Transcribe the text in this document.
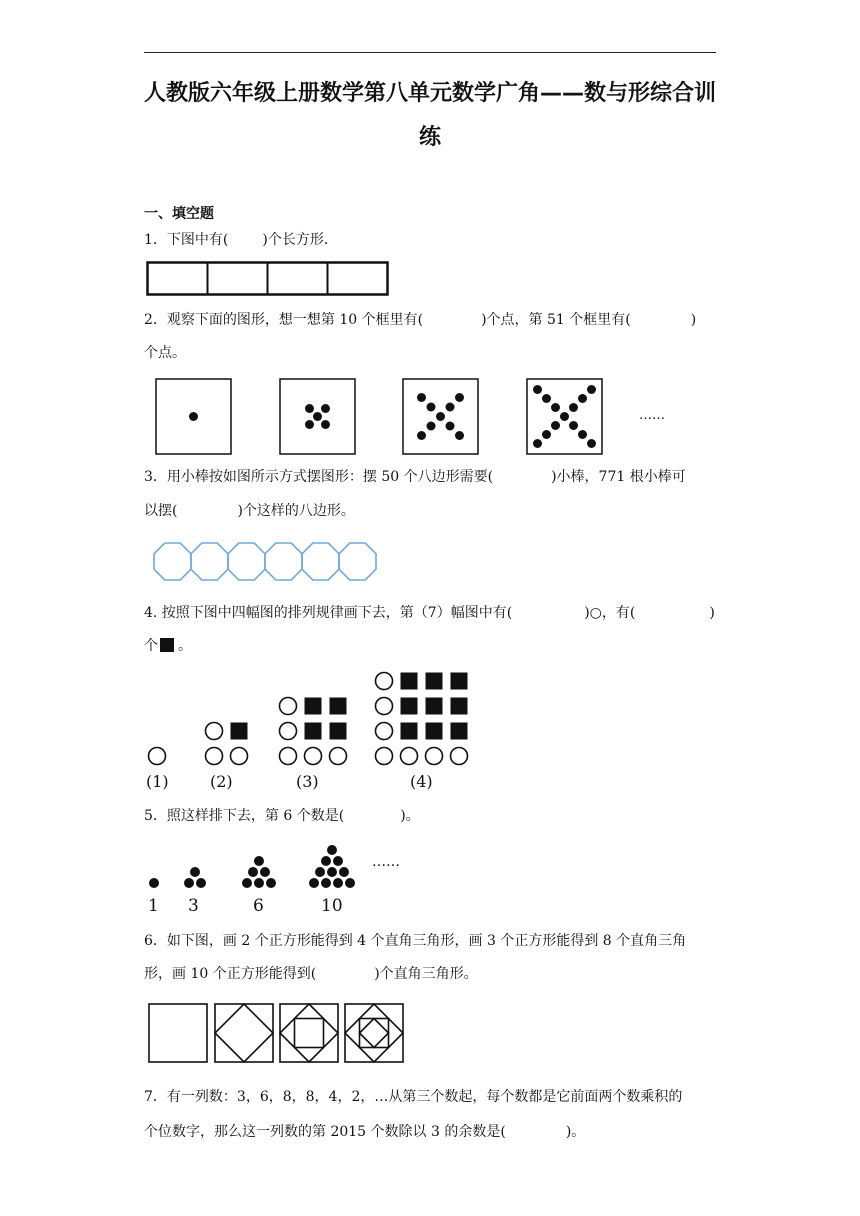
人教版六年级上册数学第八单元数学广角——数与形综合训
练
一、填空题
1．下图中有( )个长方形．
2．观察下面的图形，想一想第 10 个框里有(	)个点，第 51 个框里有(	)
个点。
……
3．用小棒按如图所示方式摆图形：摆 50 个八边形需要(	)小棒，771 根小棒可
以摆(	)个这样的八边形。
4. 按照下图中四幅图的排列规律画下去，第（7）幅图中有(	)○，有(	)
个 。
(1)	(2)	(3)	(4)
5．照这样排下去，第 6 个数是(	)。
……
1 3	6	10
6．如下图，画 2 个正方形能得到 4 个直角三角形，画 3 个正方形能得到 8 个直角三角
形，画 10 个正方形能得到(	)个直角三角形。
7．有一列数：3，6，8，8，4，2，…从第三个数起，每个数都是它前面两个数乘积的
个位数字，那么这一列数的第 2015 个数除以 3 的余数是(	)。
